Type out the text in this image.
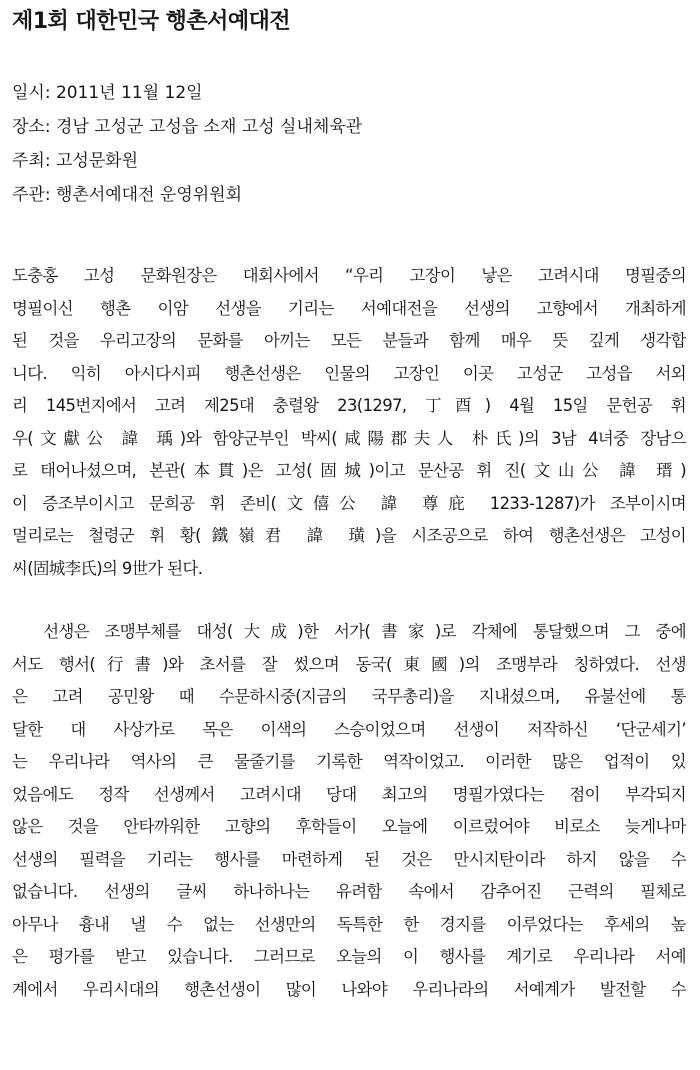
제1회 대한민국 행촌서예대전
일시: 2011년 11월 12일
장소: 경남 고성군 고성읍 소재 고성 실내체육관
주최: 고성문화원
주관: 행촌서예대전 운영위원회
도충홍 고성 문화원장은 대회사에서 “우리 고장이 낳은 고려시대 명필중의
명필이신 행촌 이암 선생을 기리는 서예대전을 선생의 고향에서 개최하게
된 것을 우리고장의 문화를 아끼는 모든 분들과 함께 매우 뜻 깊게 생각합
니다. 익히 아시다시피 행촌선생은 인물의 고장인 이곳 고성군 고성읍 서외
리 145번지에서 고려 제25대 충렬왕 23(1297, 丁酉) 4월 15일 문헌공 휘
우(文獻公 諱 瑀)와 함양군부인 박씨(咸陽郡夫人 朴氏)의 3남 4녀중 장남으
로 태어나셨으며, 본관(本貫)은 고성(固城)이고 문산공 휘 진(文山公 諱 瑨)
이 증조부이시고 문희공 휘 존비(文僖公 諱 尊庇 1233-1287)가 조부이시며
멀리로는 철령군 휘 황(鐵嶺君 諱 璜)을 시조공으로 하여 행촌선생은 고성이
씨(固城李氏)의 9世가 된다.
선생은 조맹부체를 대성(大成)한 서가(書家)로 각체에 통달했으며 그 중에
서도 행서(行書)와 초서를 잘 썼으며 동국(東國)의 조맹부라 칭하였다. 선생
은 고려 공민왕 때 수문하시중(지금의 국무총리)을 지내셨으며, 유불선에 통
달한 대 사상가로 목은 이색의 스승이었으며 선생이 저작하신 ‘단군세기’
는 우리나라 역사의 큰 물줄기를 기록한 역작이었고. 이러한 많은 업적이 있
었음에도 정작 선생께서 고려시대 당대 최고의 명필가였다는 점이 부각되지
않은 것을 안타까워한 고향의 후학들이 오늘에 이르렀어야 비로소 늦게나마
선생의 필력을 기리는 행사를 마련하게 된 것은 만시지탄이라 하지 않을 수
없습니다. 선생의 글씨 하나하나는 유려함 속에서 감추어진 근력의 필체로
아무나 흉내 낼 수 없는 선생만의 독특한 한 경지를 이루었다는 후세의 높
은 평가를 받고 있습니다. 그러므로 오늘의 이 행사를 계기로 우리나라 서예
계에서 우리시대의 행촌선생이 많이 나와야 우리나라의 서예계가 발전할 수
